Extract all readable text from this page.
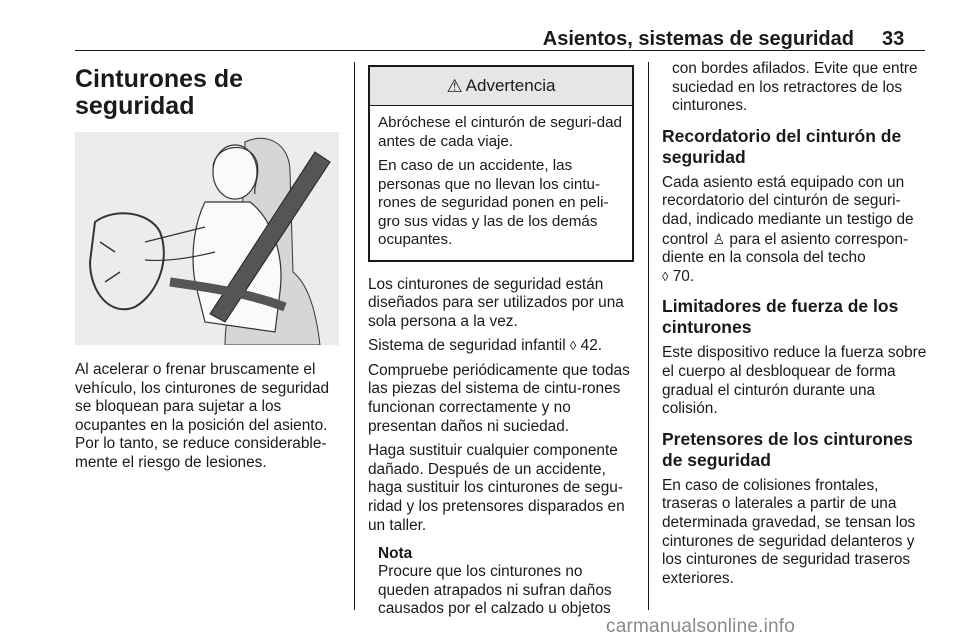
Asientos, sistemas de seguridad 33
Cinturones de
seguridad

Al acelerar o frenar bruscamente el vehículo, los cinturones de seguridad se bloquean para sujetar a los ocupantes en la posición del asiento. Por lo tanto, se reduce considerable-mente el riesgo de lesiones.

⚠ Advertencia

Abróchese el cinturón de seguri-dad antes de cada viaje.

En caso de un accidente, las personas que no llevan los cintu-rones de seguridad ponen en peli-gro sus vidas y las de los demás ocupantes.

Los cinturones de seguridad están diseñados para ser utilizados por una sola persona a la vez.

Sistema de seguridad infantil ◊ 42.

Compruebe periódicamente que todas las piezas del sistema de cintu-rones funcionan correctamente y no presentan daños ni suciedad.

Haga sustituir cualquier componente dañado. Después de un accidente, haga sustituir los cinturones de segu-ridad y los pretensores disparados en un taller.

Nota

Procure que los cinturones no queden atrapados ni sufran daños causados por el calzado u objetos

con bordes afilados. Evite que entre suciedad en los retractores de los cinturones.

Recordatorio del cinturón de seguridad

Cada asiento está equipado con un recordatorio del cinturón de seguri-dad, indicado mediante un testigo de control ♙ para el asiento correspon-diente en la consola del techo
◊ 70.

Limitadores de fuerza de los cinturones

Este dispositivo reduce la fuerza sobre el cuerpo al desbloquear de forma gradual el cinturón durante una colisión.

Pretensores de los cinturones de seguridad

En caso de colisiones frontales, traseras o laterales a partir de una determinada gravedad, se tensan los cinturones de seguridad delanteros y los cinturones de seguridad traseros exteriores.

carmanualsonline.info
